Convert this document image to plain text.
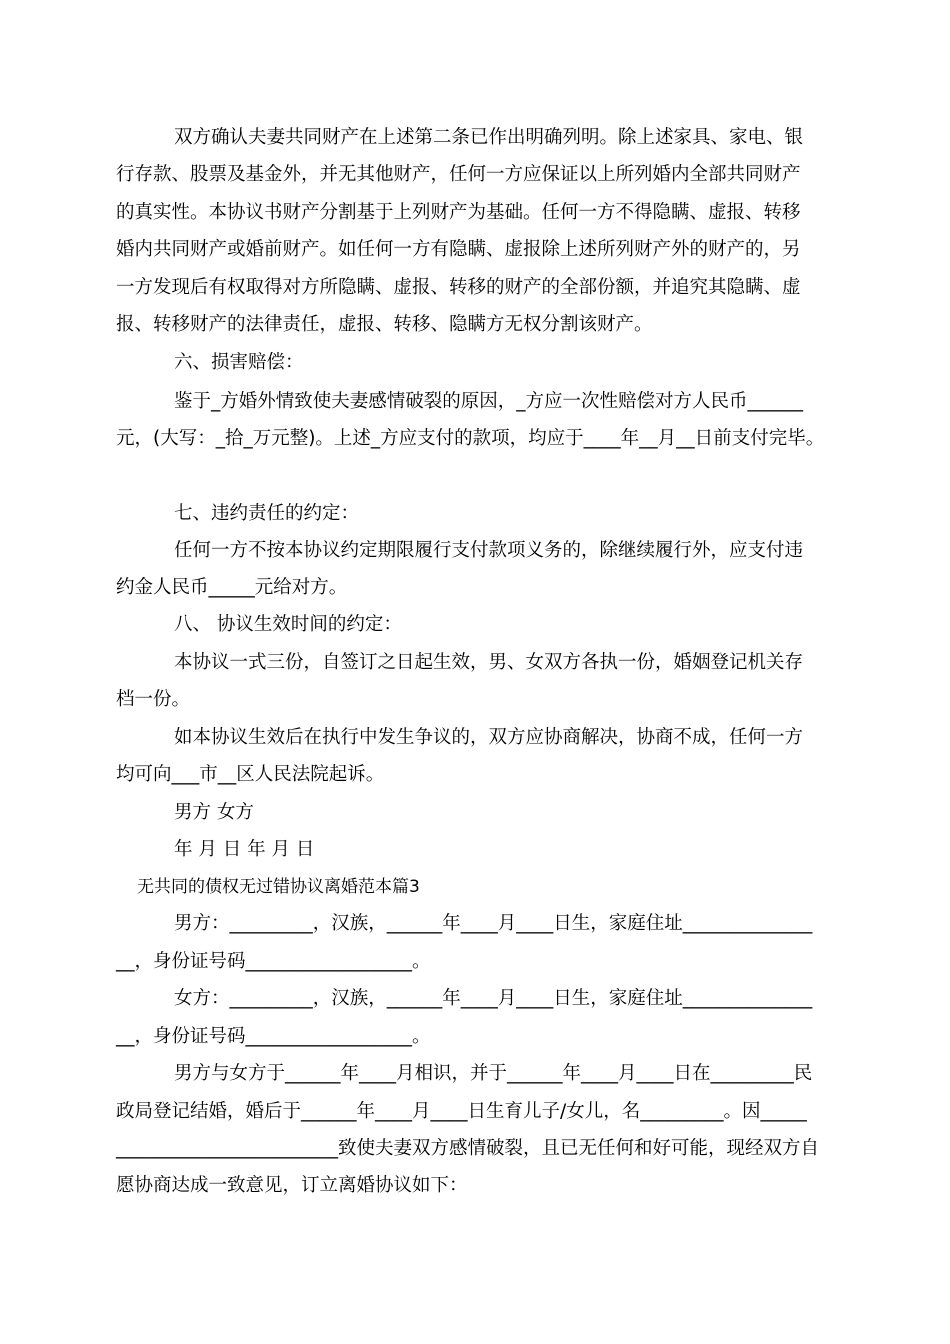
双方确认夫妻共同财产在上述第二条已作出明确列明。除上述家具、家电、银
行存款、股票及基金外，并无其他财产，任何一方应保证以上所列婚内全部共同财产
的真实性。本协议书财产分割基于上列财产为基础。任何一方不得隐瞒、虚报、转移
婚内共同财产或婚前财产。如任何一方有隐瞒、虚报除上述所列财产外的财产的，另
一方发现后有权取得对方所隐瞒、虚报、转移的财产的全部份额，并追究其隐瞒、虚
报、转移财产的法律责任，虚报、转移、隐瞒方无权分割该财产。
六、损害赔偿：
鉴于_方婚外情致使夫妻感情破裂的原因，_方应一次性赔偿对方人民币______
元，(大写：_拾_万元整)。上述_方应支付的款项，均应于____年__月__日前支付完毕。
七、违约责任的约定：
任何一方不按本协议约定期限履行支付款项义务的，除继续履行外，应支付违
约金人民币_____元给对方。
八、 协议生效时间的约定：
本协议一式三份，自签订之日起生效，男、女双方各执一份，婚姻登记机关存
档一份。
如本协议生效后在执行中发生争议的，双方应协商解决，协商不成，任何一方
均可向___市__区人民法院起诉。
男方 女方
年 月 日 年 月 日
无共同的债权无过错协议离婚范本篇3
男方：_________，汉族，______年____月____日生，家庭住址______________
__，身份证号码__________________。
女方：_________，汉族，______年____月____日生，家庭住址______________
__，身份证号码__________________。
男方与女方于______年____月相识，并于______年____月____日在_________民
政局登记结婚，婚后于______年____月____日生育儿子/女儿，名_________。因_____
________________________致使夫妻双方感情破裂，且已无任何和好可能，现经双方自
愿协商达成一致意见，订立离婚协议如下：
